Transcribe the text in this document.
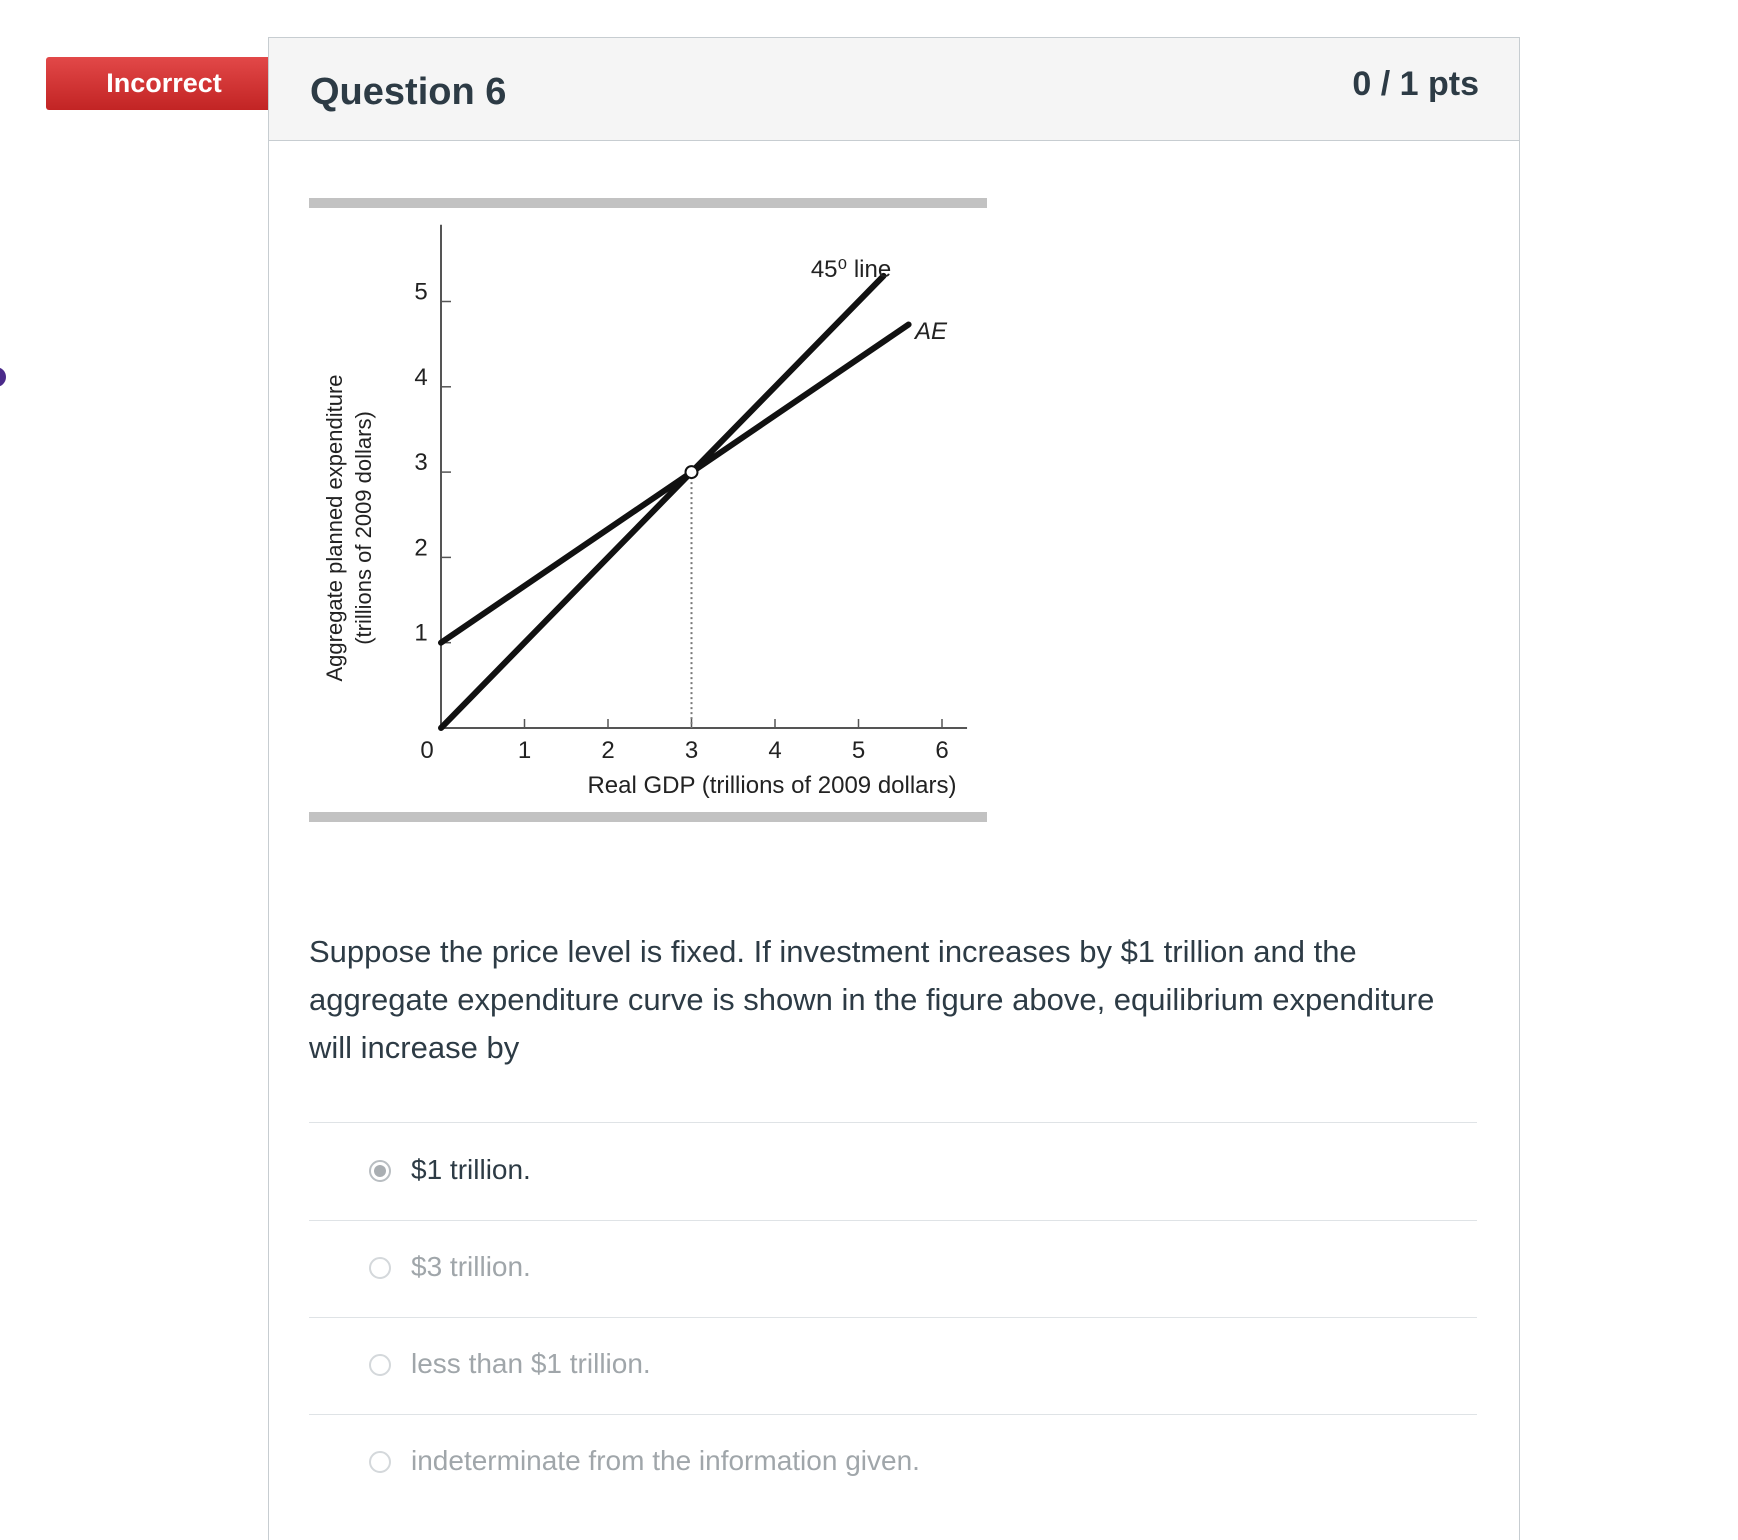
Incorrect	Question 6	0 / 1 pts
1	2	3	4	5	6
1
2
3
4
5
Aggregate planned expenditure (trillions of 2009 dollars)
Real GDP (trillions of 2009 dollars)
0
45⁰ line
AE
Suppose the price level is fixed. If investment increases by $1 trillion and the aggregate expenditure curve is shown in the figure above, equilibrium expenditure will increase by
$1 trillion.
$3 trillion.
less than $1 trillion.
indeterminate from the information given.
